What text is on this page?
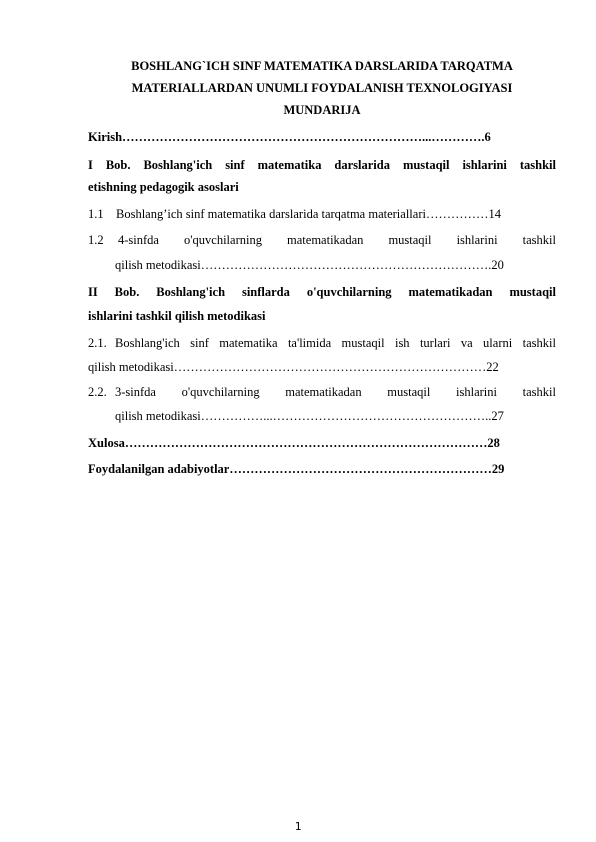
BOSHLANG`ICH SINF MATEMATIKA DARSLARIDA TARQATMA

MATERIALLARDAN UNUMLI FOYDALANISH TEXNOLOGIYASI

MUNDARIJA

Kirish………………………………………………………………...………….6
I Bob. Boshlang'ich sinf matematika darslarida mustaqil ishlarini tashkil
etishning pedagogik asoslari
1.1 Boshlang’ich sinf matematika darslarida tarqatma materiallari……………14
1.2 4-sinfda o'quvchilarning matematikadan mustaqil ishlarini tashkil
qilish metodikasi…………………………………………………………….20
II Bob. Boshlang'ich sinflarda o'quvchilarning matematikadan mustaqil
ishlarini tashkil qilish metodikasi
2.1. Boshlang'ich sinf matematika ta'limida mustaqil ish turlari va ularni tashkil
qilish metodikasi…………………………………………………………………22
2.2. 3-sinfda o'quvchilarning matematikadan mustaqil ishlarini tashkil
qilish metodikasi……………...……………………………………………..27
Xulosa……………………………………………………………………………28
Foydalanilgan adabiyotlar………………………………………………………29
1
